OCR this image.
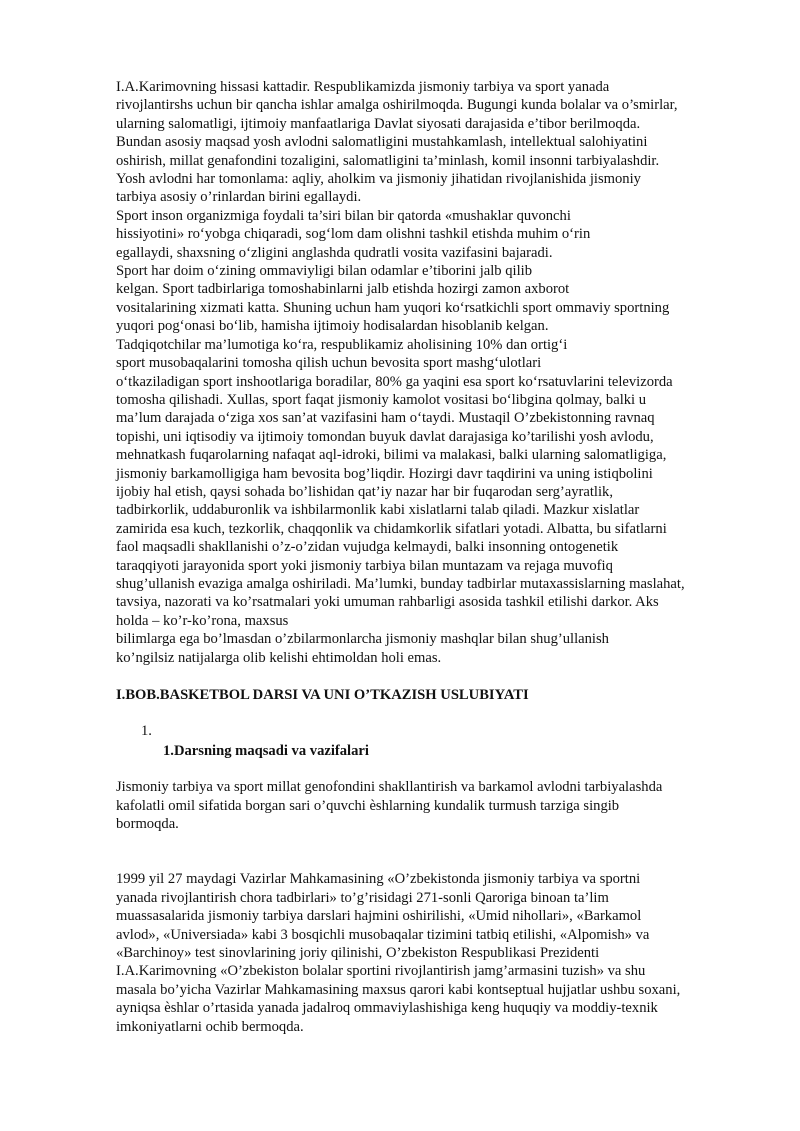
I.A.Karimovning hissasi kattadir. Respublikamizda jismoniy tarbiya va sport yanada
rivojlantirshs uchun bir qancha ishlar amalga oshirilmoqda. Bugungi kunda bolalar va o’smirlar,
ularning salomatligi, ijtimoiy manfaatlariga Davlat siyosati darajasida e’tibor berilmoqda.
Bundan asosiy maqsad yosh avlodni salomatligini mustahkamlash, intellektual salohiyatini
oshirish, millat genafondini tozaligini, salomatligini ta’minlash, komil insonni tarbiyalashdir.
Yosh avlodni har tomonlama: aqliy, aholkim va jismoniy jihatidan rivojlanishida jismoniy
tarbiya asosiy o’rinlardan birini egallaydi.
Sport inson organizmiga foydali ta’siri bilan bir qatorda «mushaklar quvonchi
hissiyotini» ro‘yobga chiqaradi, sog‘lom dam olishni tashkil etishda muhim o‘rin
egallaydi, shaxsning o‘zligini anglashda qudratli vosita vazifasini bajaradi.
Sport har doim o‘zining ommaviyligi bilan odamlar e’tiborini jalb qilib
kelgan. Sport tadbirlariga tomoshabinlarni jalb etishda hozirgi zamon axborot
vositalarining xizmati katta. Shuning uchun ham yuqori ko‘rsatkichli sport ommaviy sportning
yuqori pog‘onasi bo‘lib, hamisha ijtimoiy hodisalardan hisoblanib kelgan.
Tadqiqotchilar ma’lumotiga ko‘ra, respublikamiz aholisining 10% dan ortig‘i
sport musobaqalarini tomosha qilish uchun bevosita sport mashg‘ulotlari
o‘tkaziladigan sport inshootlariga boradilar, 80% ga yaqini esa sport ko‘rsatuvlarini televizorda
tomosha qilishadi. Xullas, sport faqat jismoniy kamolot vositasi bo‘libgina qolmay, balki u
ma’lum darajada o‘ziga xos san’at vazifasini ham o‘taydi. Mustaqil O’zbekistonning ravnaq
topishi, uni iqtisodiy va ijtimoiy tomondan buyuk davlat darajasiga ko’tarilishi yosh avlodu,
mehnatkash fuqarolarning nafaqat aql-idroki, bilimi va malakasi, balki ularning salomatligiga,
jismoniy barkamolligiga ham bevosita bog’liqdir. Hozirgi davr taqdirini va uning istiqbolini
ijobiy hal etish, qaysi sohada bo’lishidan qat’iy nazar har bir fuqarodan serg’ayratlik,
tadbirkorlik, uddaburonlik va ishbilarmonlik kabi xislatlarni talab qiladi. Mazkur xislatlar
zamirida esa kuch, tezkorlik, chaqqonlik va chidamkorlik sifatlari yotadi. Albatta, bu sifatlarni
faol maqsadli shakllanishi o’z-o’zidan vujudga kelmaydi, balki insonning ontogenetik
taraqqiyoti jarayonida sport yoki jismoniy tarbiya bilan muntazam va rejaga muvofiq
shug’ullanish evaziga amalga oshiriladi. Ma’lumki, bunday tadbirlar mutaxassislarning maslahat,
tavsiya, nazorati va ko’rsatmalari yoki umuman rahbarligi asosida tashkil etilishi darkor. Aks
holda – ko’r-ko’rona, maxsus
bilimlarga ega bo’lmasdan o’zbilarmonlarcha jismoniy mashqlar bilan shug’ullanish
ko’ngilsiz natijalarga olib kelishi ehtimoldan holi emas.
I.BOB.BASKETBOL DARSI VA UNI O’TKAZISH USLUBIYATI
1.
1.Darsning maqsadi va vazifalari
Jismoniy tarbiya va sport millat genofondini shakllantirish va barkamol avlodni tarbiyalashda
kafolatli omil sifatida borgan sari o’quvchi èshlarning kundalik turmush tarziga singib
bormoqda.
1999 yil 27 maydagi Vazirlar Mahkamasining «O’zbekistonda jismoniy tarbiya va sportni
yanada rivojlantirish chora tadbirlari» to’g’risidagi 271-sonli Qaroriga binoan ta’lim
muassasalarida jismoniy tarbiya darslari hajmini oshirilishi, «Umid nihollari», «Barkamol
avlod», «Universiada» kabi 3 bosqichli musobaqalar tizimini tatbiq etilishi, «Alpomish» va
«Barchinoy» test sinovlarining joriy qilinishi, O’zbekiston Respublikasi Prezidenti
I.A.Karimovning «O’zbekiston bolalar sportini rivojlantirish jamg’armasini tuzish» va shu
masala bo’yicha Vazirlar Mahkamasining maxsus qarori kabi kontseptual hujjatlar ushbu soxani,
ayniqsa èshlar o’rtasida yanada jadalroq ommaviylashishiga keng huquqiy va moddiy-texnik
imkoniyatlarni ochib bermoqda.
